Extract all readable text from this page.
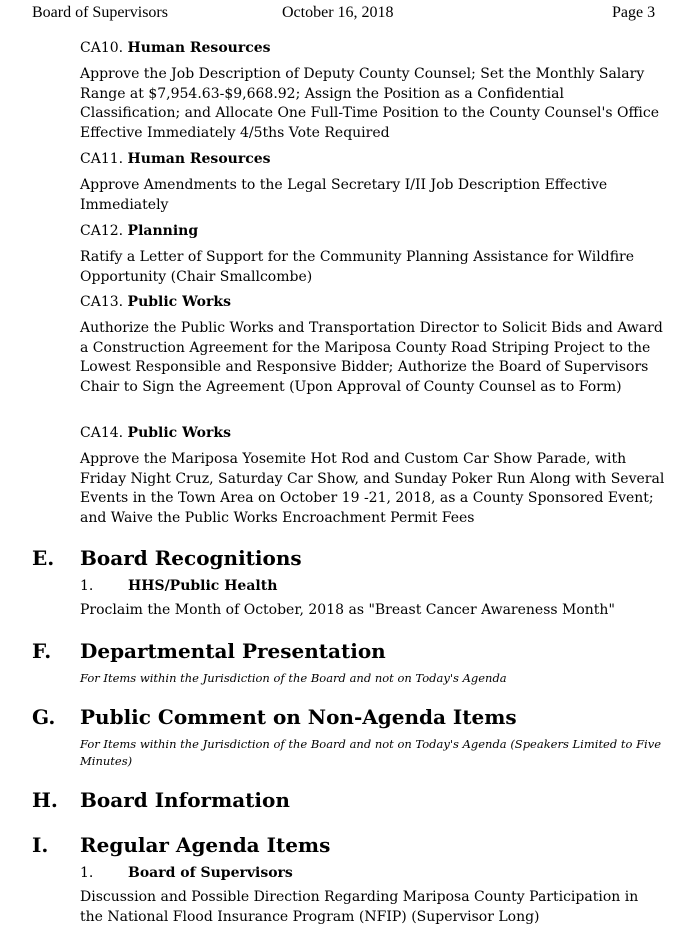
Board of Supervisors	October 16, 2018	Page 3

CA10. Human Resources

Approve the Job Description of Deputy County Counsel; Set the Monthly Salary Range at $7,954.63-$9,668.92; Assign the Position as a Confidential Classification; and Allocate One Full-Time Position to the County Counsel's Office Effective Immediately 4/5ths Vote Required

CA11. Human Resources

Approve Amendments to the Legal Secretary I/II Job Description Effective Immediately

CA12. Planning

Ratify a Letter of Support for the Community Planning Assistance for Wildfire Opportunity (Chair Smallcombe)

CA13. Public Works

Authorize the Public Works and Transportation Director to Solicit Bids and Award a Construction Agreement for the Mariposa County Road Striping Project to the Lowest Responsible and Responsive Bidder; Authorize the Board of Supervisors Chair to Sign the Agreement (Upon Approval of County Counsel as to Form)

CA14. Public Works

Approve the Mariposa Yosemite Hot Rod and Custom Car Show Parade, with Friday Night Cruz, Saturday Car Show, and Sunday Poker Run Along with Several Events in the Town Area on October 19 -21, 2018, as a County Sponsored Event; and Waive the Public Works Encroachment Permit Fees

E. Board Recognitions
1. HHS/Public Health

Proclaim the Month of October, 2018 as "Breast Cancer Awareness Month"

F. Departmental Presentation

For Items within the Jurisdiction of the Board and not on Today's Agenda

G. Public Comment on Non-Agenda Items

For Items within the Jurisdiction of the Board and not on Today's Agenda (Speakers Limited to Five Minutes)

H. Board Information
I. Regular Agenda Items
1. Board of Supervisors

Discussion and Possible Direction Regarding Mariposa County Participation in the National Flood Insurance Program (NFIP) (Supervisor Long)
